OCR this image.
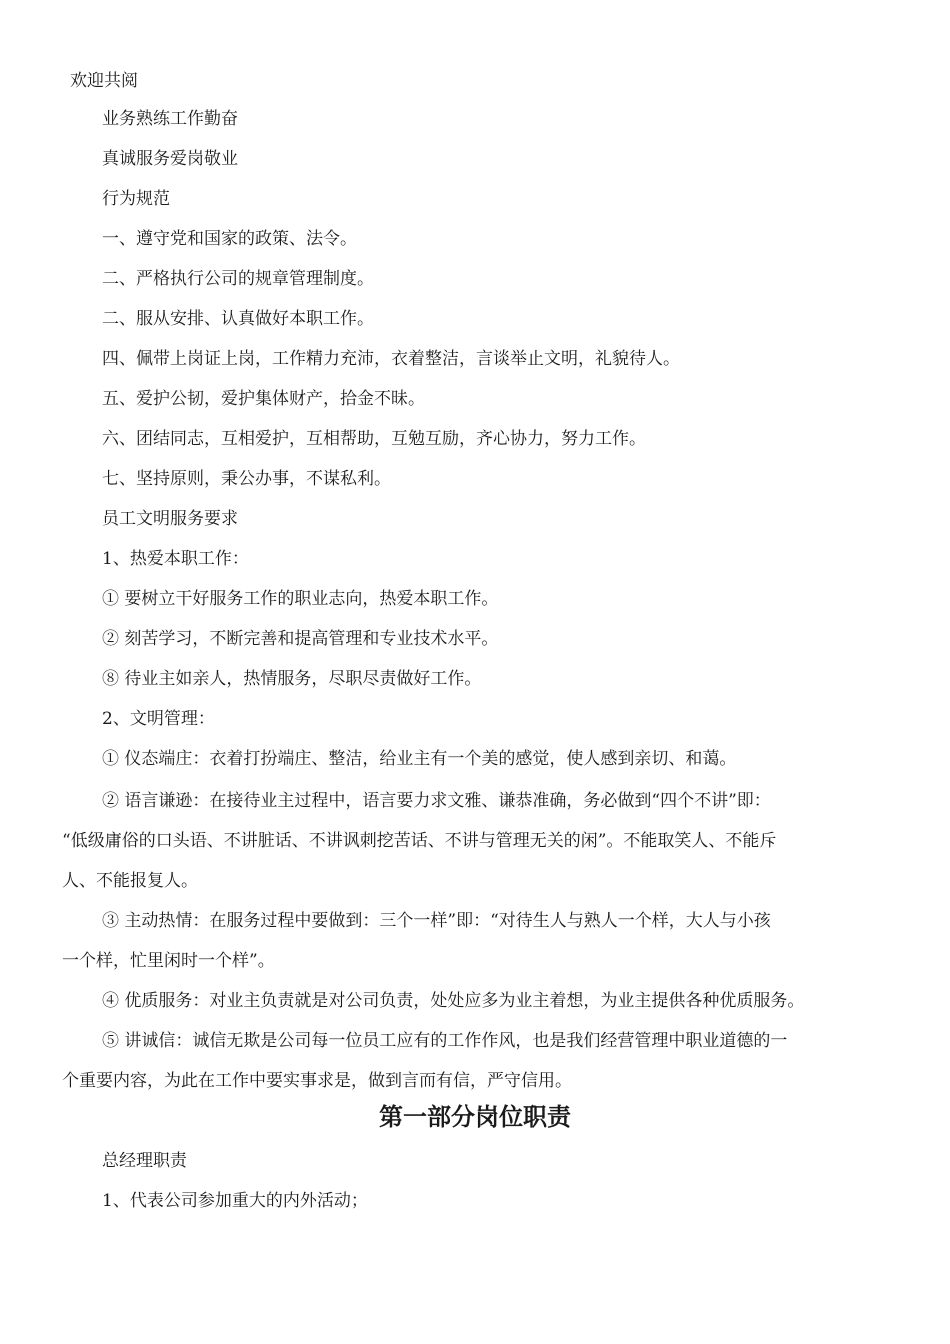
欢迎共阅

业务熟练工作勤奋

真诚服务爱岗敬业

行为规范

一、遵守党和国家的政策、法令。

二、严格执行公司的规章管理制度。

二、服从安排、认真做好本职工作。

四、佩带上岗证上岗，工作精力充沛，衣着整洁，言谈举止文明，礼貌待人。

五、爱护公韧，爱护集体财产，拾金不昧。

六、团结同志，互相爱护，互相帮助，互勉互励，齐心协力，努力工作。

七、坚持原则，秉公办事，不谋私利。

员工文明服务要求

1、热爱本职工作：

① 要树立干好服务工作的职业志向，热爱本职工作。

② 刻苦学习，不断完善和提高管理和专业技术水平。

⑧ 待业主如亲人，热情服务，尽职尽责做好工作。

2、文明管理：

① 仪态端庄：衣着打扮端庄、整洁，给业主有一个美的感觉，使人感到亲切、和蔼。

② 语言谦逊：在接待业主过程中，语言要力求文雅、谦恭准确，务必做到“四个不讲”即：

“低级庸俗的口头语、不讲脏话、不讲讽刺挖苦话、不讲与管理无关的闲”。不能取笑人、不能斥

人、不能报复人。

③ 主动热情：在服务过程中要做到：三个一样”即：“对待生人与熟人一个样，大人与小孩

一个样，忙里闲时一个样”。

④ 优质服务：对业主负责就是对公司负责，处处应多为业主着想，为业主提供各种优质服务。

⑤ 讲诚信：诚信无欺是公司每一位员工应有的工作作风，也是我们经营管理中职业道德的一

个重要内容，为此在工作中要实事求是，做到言而有信，严守信用。

第一部分岗位职责

总经理职责

1、代表公司参加重大的内外活动；
